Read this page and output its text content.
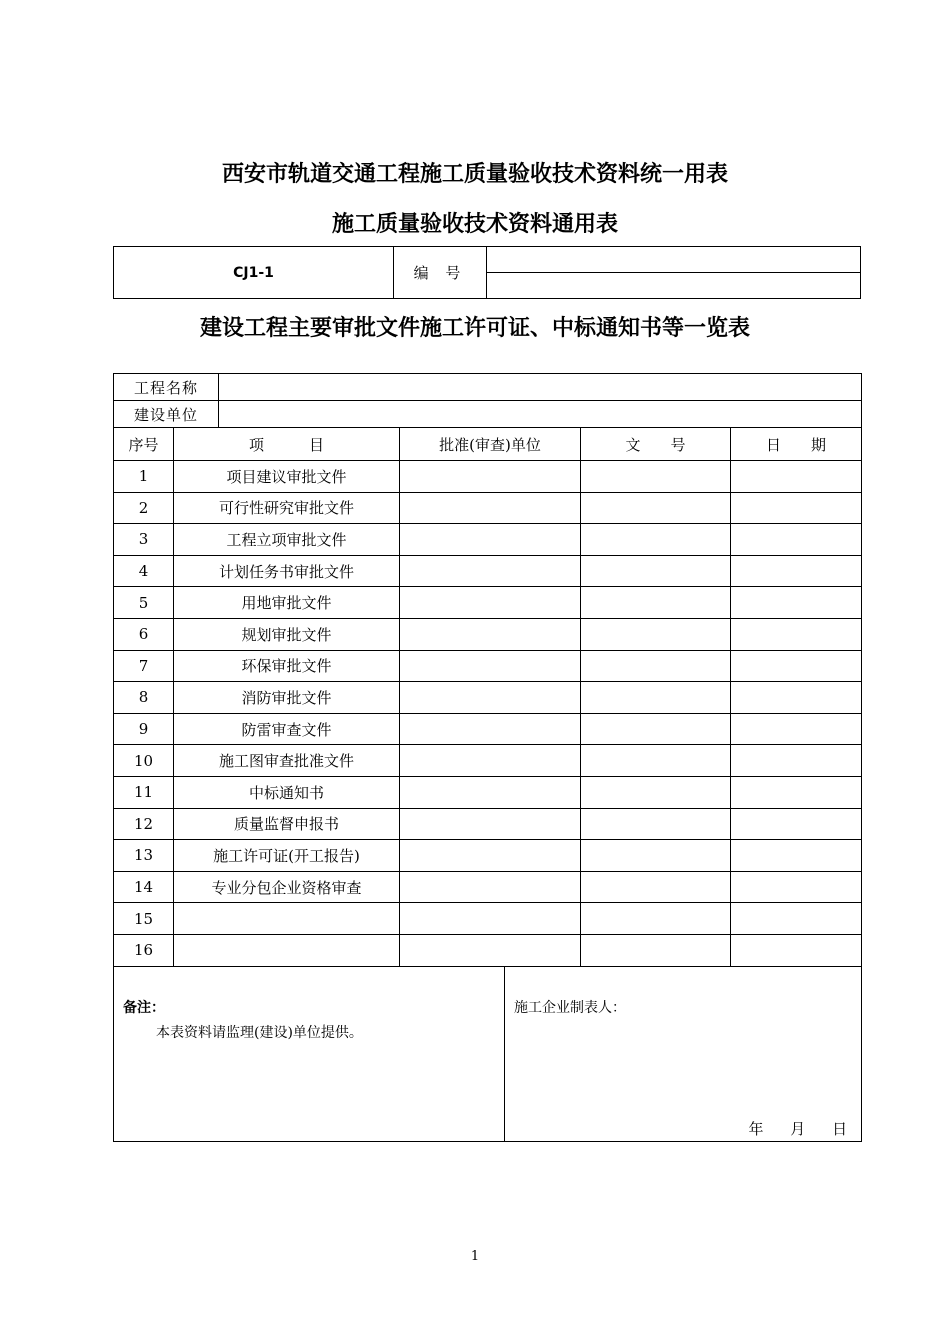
西安市轨道交通工程施工质量验收技术资料统一用表
施工质量验收技术资料通用表
CJ1-1	编 号	

建设工程主要审批文件施工许可证、中标通知书等一览表
工程名称						
建设单位						
序号	项　　　目		批准(审查)单位		文　　号	日　　期
1	项目建议审批文件					
2	可行性研究审批文件					
3	工程立项审批文件					
4	计划任务书审批文件					
5	用地审批文件					
6	规划审批文件					
7	环保审批文件					
8	消防审批文件					
9	防雷审查文件					
10	施工图审查批准文件					
11	中标通知书					
12	质量监督申报书					
13	施工许可证(开工报告)					
14	专业分包企业资格审查					
15						
16						

备注：
本表资料请监理(建设)单位提供。				施工企业制表人：
年 月 日		
1
